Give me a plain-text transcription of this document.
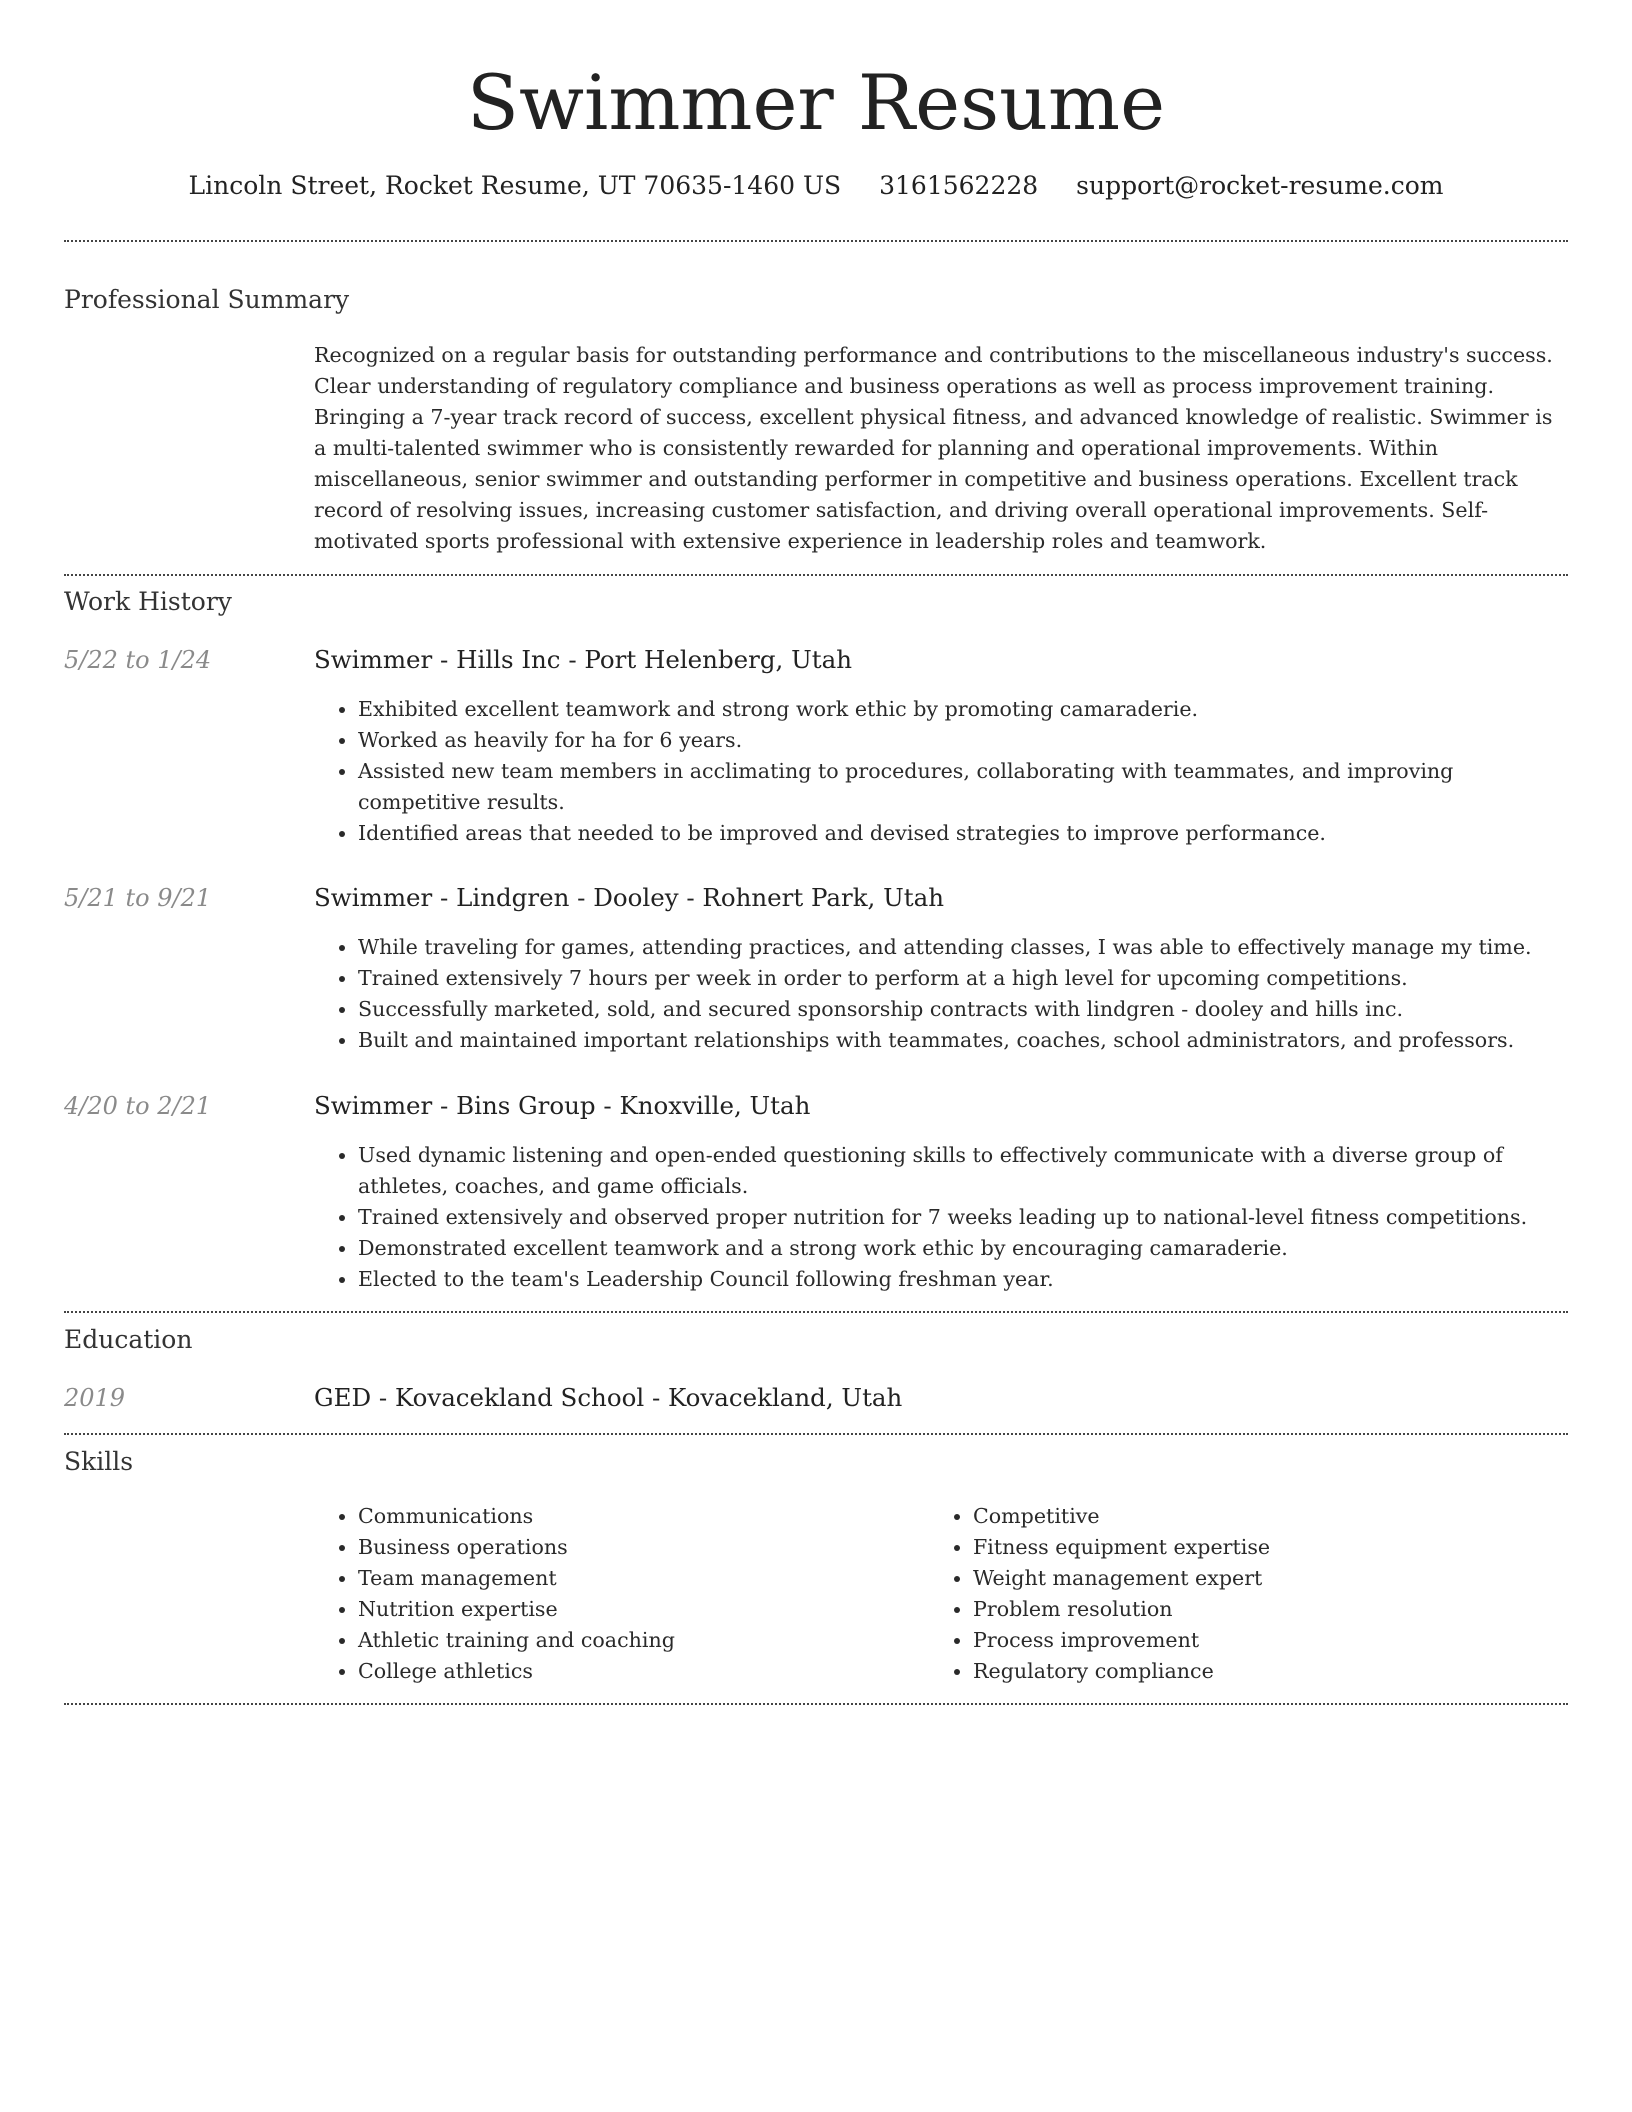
Swimmer Resume
Lincoln Street, Rocket Resume, UT 70635-1460 US 3161562228 support@rocket-resume.com
Professional Summary

Recognized on a regular basis for outstanding performance and contributions to the miscellaneous industry's success. Clear understanding of regulatory compliance and business operations as well as process improvement training. Bringing a 7-year track record of success, excellent physical fitness, and advanced knowledge of realistic. Swimmer is a multi-talented swimmer who is consistently rewarded for planning and operational improvements. Within miscellaneous, senior swimmer and outstanding performer in competitive and business operations. Excellent track record of resolving issues, increasing customer satisfaction, and driving overall operational improvements. Self-motivated sports professional with extensive experience in leadership roles and teamwork.

Work History
5/22 to 1/24	Swimmer - Hills Inc - Port Helenberg, Utah
• Exhibited excellent teamwork and strong work ethic by promoting camaraderie.
• Worked as heavily for ha for 6 years.
• Assisted new team members in acclimating to procedures, collaborating with teammates, and improving competitive results.
• Identified areas that needed to be improved and devised strategies to improve performance.
5/21 to 9/21	Swimmer - Lindgren - Dooley - Rohnert Park, Utah
• While traveling for games, attending practices, and attending classes, I was able to effectively manage my time.
• Trained extensively 7 hours per week in order to perform at a high level for upcoming competitions.
• Successfully marketed, sold, and secured sponsorship contracts with lindgren - dooley and hills inc.
• Built and maintained important relationships with teammates, coaches, school administrators, and professors.
4/20 to 2/21	Swimmer - Bins Group - Knoxville, Utah
• Used dynamic listening and open-ended questioning skills to effectively communicate with a diverse group of athletes, coaches, and game officials.
• Trained extensively and observed proper nutrition for 7 weeks leading up to national-level fitness competitions.
• Demonstrated excellent teamwork and a strong work ethic by encouraging camaraderie.
• Elected to the team's Leadership Council following freshman year.
Education
2019	GED - Kovacekland School - Kovacekland, Utah
Skills
• Communications
• Business operations
• Team management
• Nutrition expertise
• Athletic training and coaching
• College athletics
• Competitive
• Fitness equipment expertise
• Weight management expert
• Problem resolution
• Process improvement
• Regulatory compliance
